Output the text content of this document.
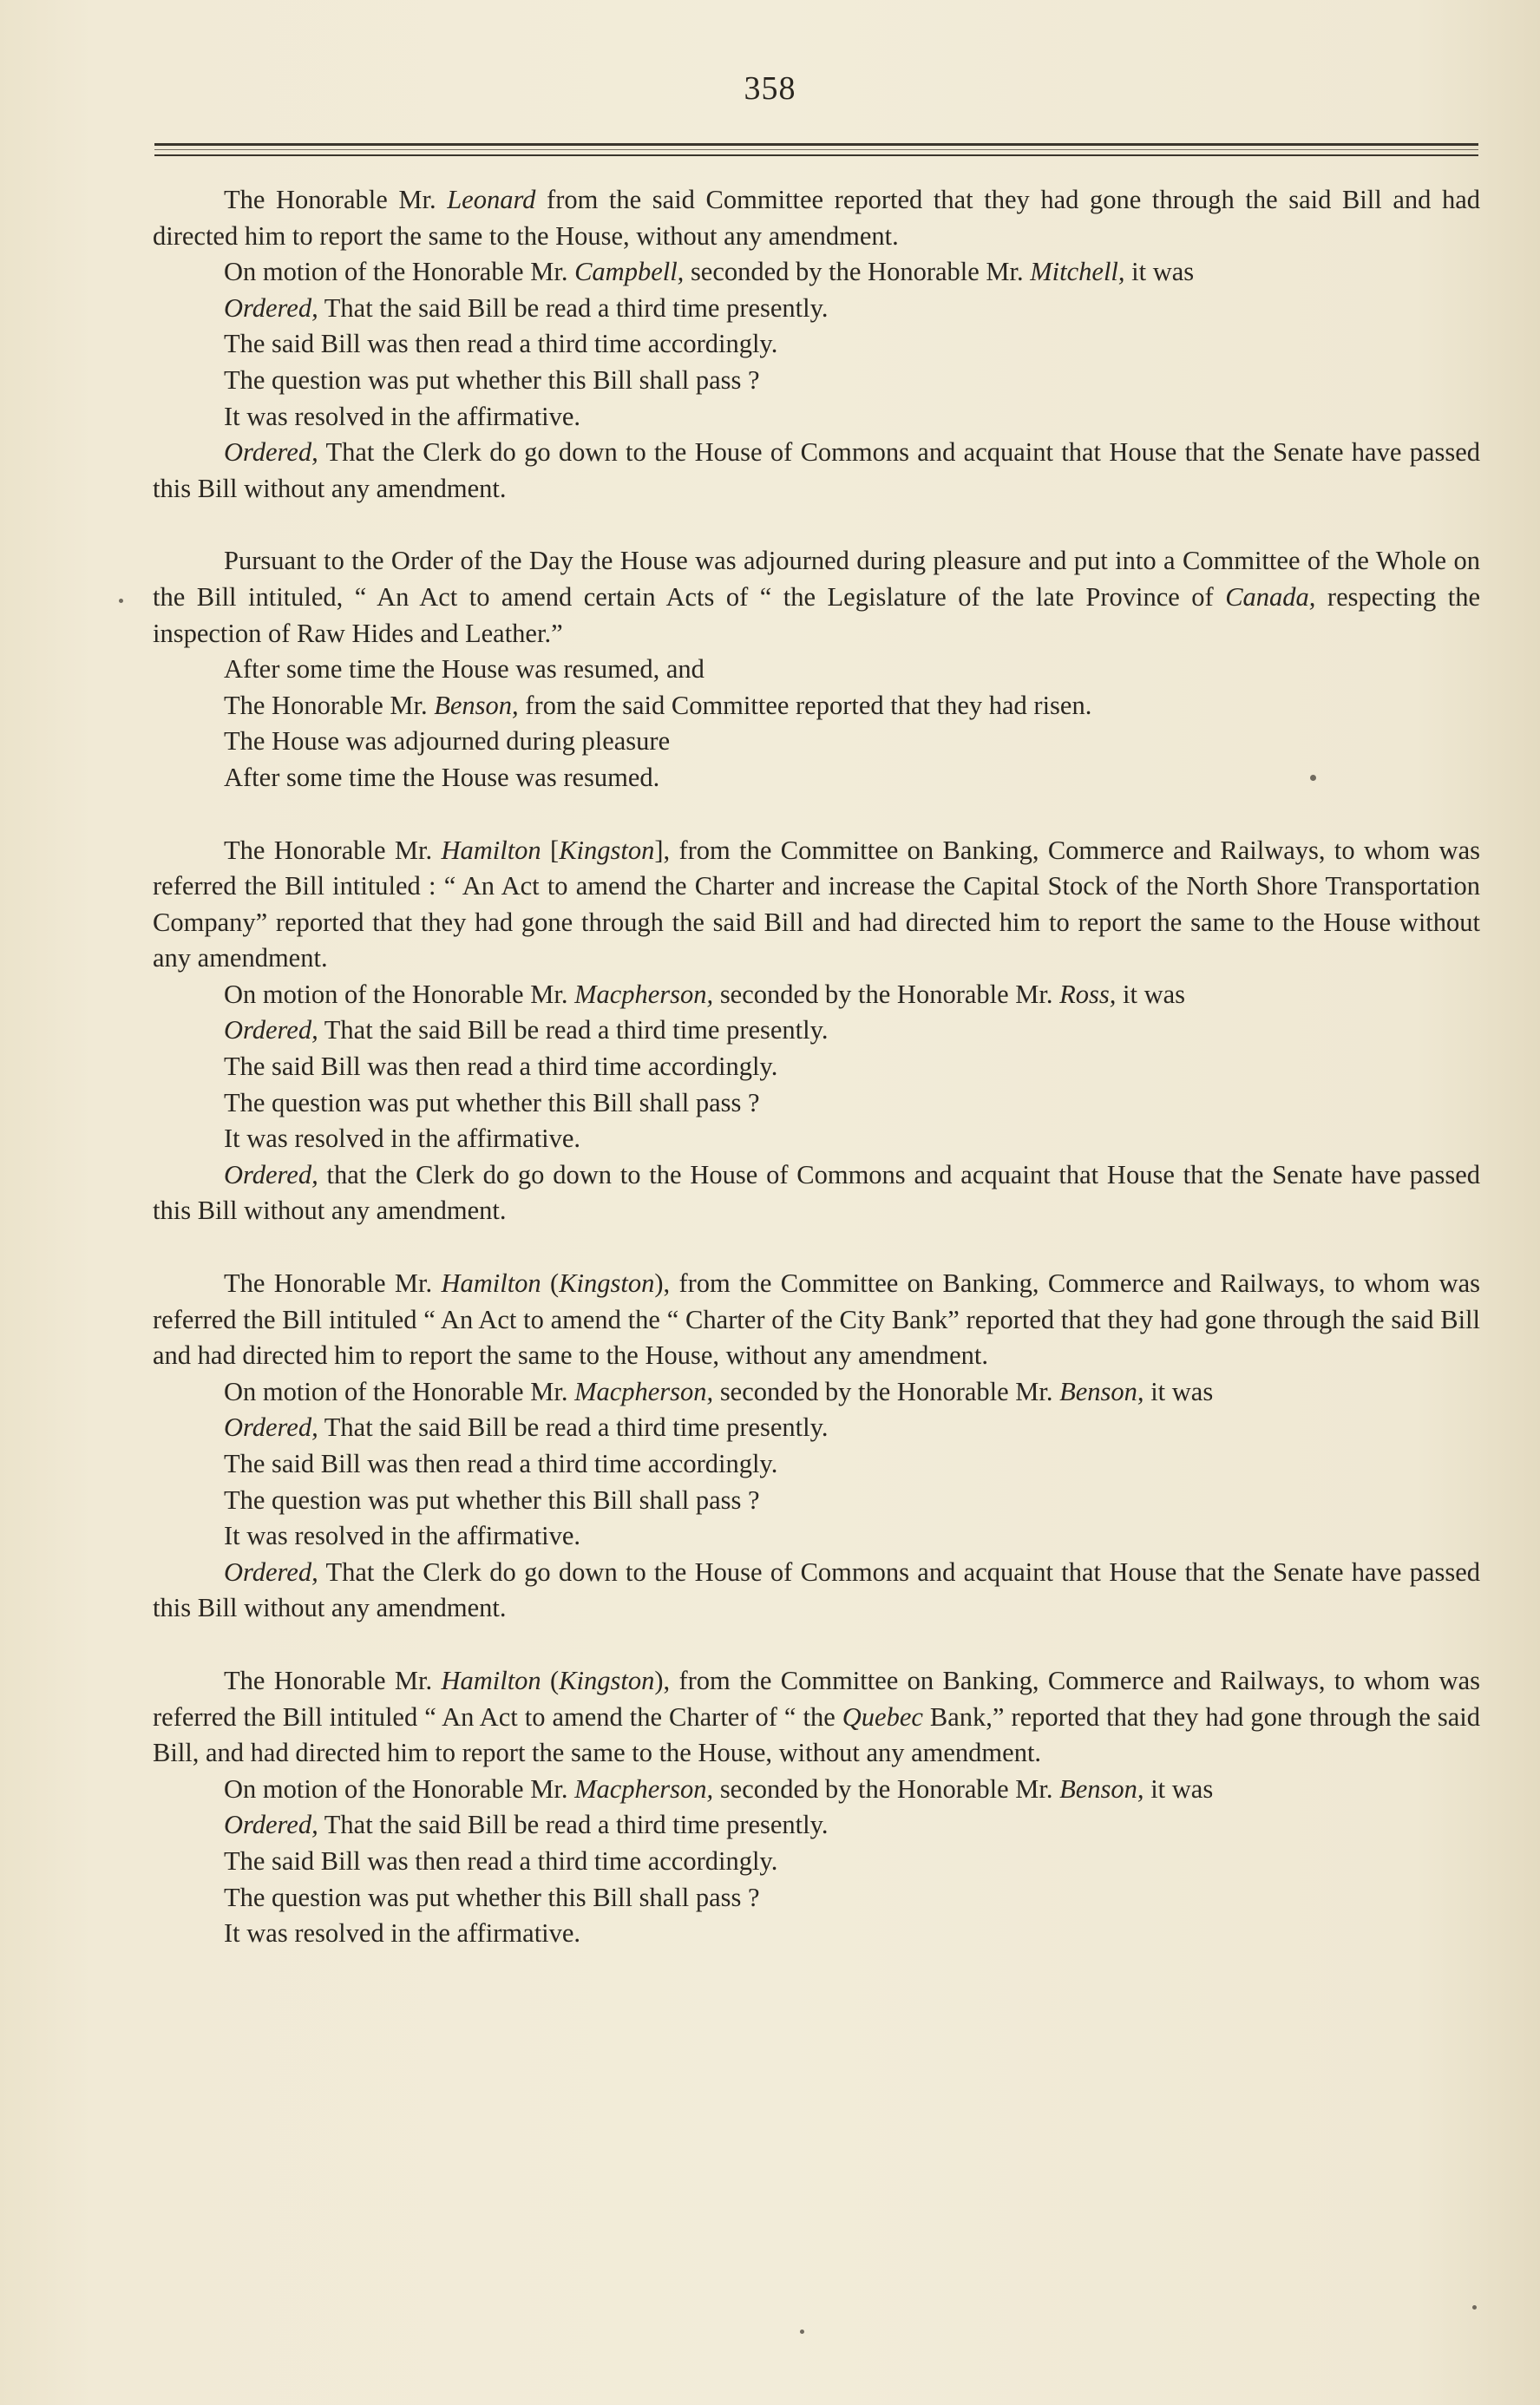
358

The Honorable Mr. Leonard from the said Committee reported that they had gone through the said Bill and had directed him to report the same to the House, without any amendment.

On motion of the Honorable Mr. Campbell, seconded by the Honorable Mr. Mitchell, it was

Ordered, That the said Bill be read a third time presently.

The said Bill was then read a third time accordingly.

The question was put whether this Bill shall pass ?

It was resolved in the affirmative.

Ordered, That the Clerk do go down to the House of Commons and acquaint that House that the Senate have passed this Bill without any amendment.

Pursuant to the Order of the Day the House was adjourned during pleasure and put into a Committee of the Whole on the Bill intituled, “ An Act to amend certain Acts of “ the Legislature of the late Province of Canada, respecting the inspection of Raw Hides and Leather.”

After some time the House was resumed, and

The Honorable Mr. Benson, from the said Committee reported that they had risen.

The House was adjourned during pleasure

After some time the House was resumed.

The Honorable Mr. Hamilton [Kingston], from the Committee on Banking, Commerce and Railways, to whom was referred the Bill intituled : “ An Act to amend the Charter and increase the Capital Stock of the North Shore Transportation Company” reported that they had gone through the said Bill and had directed him to report the same to the House without any amendment.

On motion of the Honorable Mr. Macpherson, seconded by the Honorable Mr. Ross, it was

Ordered, That the said Bill be read a third time presently.

The said Bill was then read a third time accordingly.

The question was put whether this Bill shall pass ?

It was resolved in the affirmative.

Ordered, that the Clerk do go down to the House of Commons and acquaint that House that the Senate have passed this Bill without any amendment.

The Honorable Mr. Hamilton (Kingston), from the Committee on Banking, Commerce and Railways, to whom was referred the Bill intituled “ An Act to amend the “ Charter of the City Bank” reported that they had gone through the said Bill and had directed him to report the same to the House, without any amendment.

On motion of the Honorable Mr. Macpherson, seconded by the Honorable Mr. Benson, it was

Ordered, That the said Bill be read a third time presently.

The said Bill was then read a third time accordingly.

The question was put whether this Bill shall pass ?

It was resolved in the affirmative.

Ordered, That the Clerk do go down to the House of Commons and acquaint that House that the Senate have passed this Bill without any amendment.

The Honorable Mr. Hamilton (Kingston), from the Committee on Banking, Commerce and Railways, to whom was referred the Bill intituled “ An Act to amend the Charter of “ the Quebec Bank,” reported that they had gone through the said Bill, and had directed him to report the same to the House, without any amendment.

On motion of the Honorable Mr. Macpherson, seconded by the Honorable Mr. Benson, it was

Ordered, That the said Bill be read a third time presently.

The said Bill was then read a third time accordingly.

The question was put whether this Bill shall pass ?

It was resolved in the affirmative.
